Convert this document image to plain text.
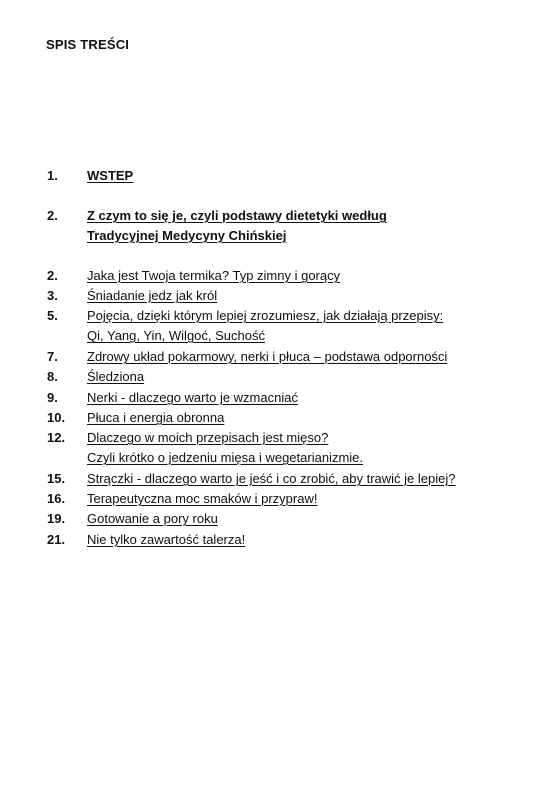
SPIS TREŚCI
1.	WSTEP
2.	Z czym to się je, czyli podstawy dietetyki według
Tradycyjnej Medycyny Chińskiej
2.	Jaka jest Twoja termika? Typ zimny i gorący
3.	Śniadanie jedz jak król
5.	Pojęcia, dzięki którym lepiej zrozumiesz, jak działają przepisy:
Qi, Yang, Yin, Wilgoć, Suchość
7.	Zdrowy układ pokarmowy, nerki i płuca – podstawa odporności
8.	Śledziona
9.	Nerki - dlaczego warto je wzmacniać
10.	Płuca i energia obronna
12.	Dlaczego w moich przepisach jest mięso?
Czyli krótko o jedzeniu mięsa i wegetarianizmie.
15.	Strączki - dlaczego warto je jeść i co zrobić, aby trawić je lepiej?
16.	Terapeutyczna moc smaków i przypraw!
19.	Gotowanie a pory roku
21.	Nie tylko zawartość talerza!
